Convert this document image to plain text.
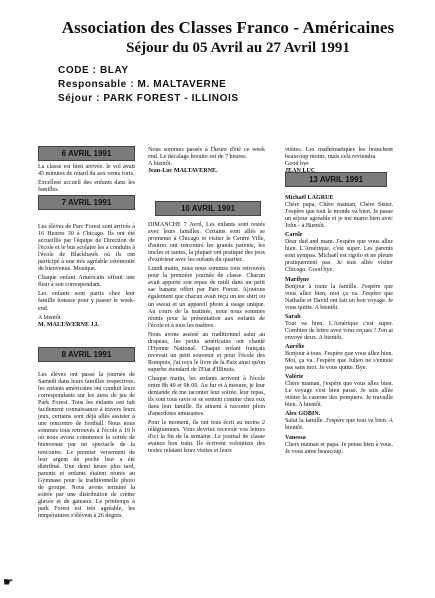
Association des Classes Franco - Américaines
Séjour du 05 Avril au 27 Avril 1991
CODE : BLAY
Responsable : M. MALTAVERNE
Séjour : PARK FOREST - ILLINOIS
6 AVRIL 1991

La classe est bien arrivée. le vol avait 45 minutes de retard du aux vents forts.

Excellent accueil des enfants dans les familles.

7 AVRIL 1991

Les élèves de Parc Forest sont arrivés à 16 Heures 30 à Chicago. Ils ont été accueillis par l'équipe de Direction de l'école et le bus scolaire les a conduits à l'école de Blackhawk où ils ont participé à une très agréable cérémonie de bienvenue. Musique.

Chaque enfant Américain offrait une fleur à son correspondant.

Les enfants sont partis chez leur famille hotesse pour y passer le week-end.

A bientôt

M. MALTAVERNE J.L

8 AVRIL 1991

Les élèves ont passé la journée de Samedi dans leurs familles respectives. les enfants américains ont conduit leurs correspondants sur les aires de jeu de Park Forest. Tous les enfants ont fait facilement connaissance à travers leurs jeux, certains sont déjà allés assister à une rencontre de football. Nous nous sommes tous retrouvés à l'école à 19 h où nous avons commencé la soirée de bienvenue par un spectacle de la rencontre. Le premier versement de leur argent de poche leur a été distribué. Une demi heure plus tard, parents et enfants étaient réunis au Gymnase pour la traditionnelle photo de groupe. Nous avons terminé la soirée par une distribution de crème glacée et de gateaux. Le printemps à park Forest est très agréable, les températures s'élèvent à 26 degrés.

Nous sommes passés à l'heure d'été ce week end. Le décalage horaire est de 7 heures.

A bientôt.

Jean-Luc MALTAVERNE.

10 AVRIL 1991

DIMANCHE 7 Avril, Les enfants sont restés avec leurs familles. Certains sont allés se promener à Chicago et visiter le Centre Ville, d'autres ont rencontré les grands parents, les oncles et tantes, la plupart ont pratiqué des jeux d'extérieur avec les enfants du quartier.

Lundi matin, nous nous sommes tous retrouvés pour la première journée de classe. Chacun avait apporté son repas de midi dans un petit sac banane offert par Parc Forest. Ajoutons également que chacun avait reçu un tee shirt ou un sweat et un appareil photo à usage unique. Au cours de la matinée, nous nous sommes réunis pour la présentation aux enfants de l'école et à tous les maîtres.

Nous avons assisté au traditionnel salut au drapeau, les petits américains ont chanté l'Hymne National. Chaque enfant français recevait un petit souvenir et pour l'école des Rompois, j'ai reçu le livre de la Paix ainsi qu'un superbe étendard de l'Etat d'Illinois.

Chaque matin, les enfants arrivent à l'école entre 8h 40 et 9h 00. Au fur et à mesure, je leur demande de me raconter leur soirée, leur repas, ils sont tous ravis et se sentent comme chez eux dans leur famille. Ils aiment à raconter plein d'anecdotes amusantes.

Pour le moment, ils ont tous écrit au moins 2 télégrammes. Vous devriez recevoir vos lettres d'ici la fin de la semaine. Le journal de classe avance bon train. Ils écrivent volontiers des textes relatant leurs visites et leurs

visites. Les mathématiques les branchent beaucoup moins, mais cela reviendra.

Good bye

13 AVRIL 1991

Michaël LAGRUE

Chère papa, Chère maman, Chère Sister. J'espère que tout le monde va bien. Je passe un séjour agréable et je me marre bien avec John - à Bientôt.

Carole

Dear dad and mam. J'espère que vous allez bien. L'Amérique, c'est super. Les parents sont sympas. Michaël est rigolo et ne pleure pratiquement pas. Je suis allée visiter Chicago. Good bye.

Marilyne

Bonjour à toute la famille. J'espère que vous allez bien, moi ça va. J'espère que Nathalie et David ont fait un bon voyage. Je vous quitte. A bientôt.

Sarah

Tout va bien. L'Amérique c'est super. Combien de lettre avez vous reçues ? J'en ai envoyé deux. A bientôt.

Aurélie

Bonjour à tous. J'espère que vous allez bien. Moi, ça va. J'espère que Julien ne s'ennuie pas sans moi. Je vous quitte. Bye.

Valérie

Chère maman, j'espère que vous allez bien. Le voyage s'est bien passé. Je suis allée visiter la caserne des pompiers. Je travaille bien. A bientôt.

Alex GOBIN.

Salut la famille. J'espère que tout va bien. A bientôt.

Vanessa

Chers maman et papa. Je pense bien à vous. Je vous aime beaucoup.

☛
